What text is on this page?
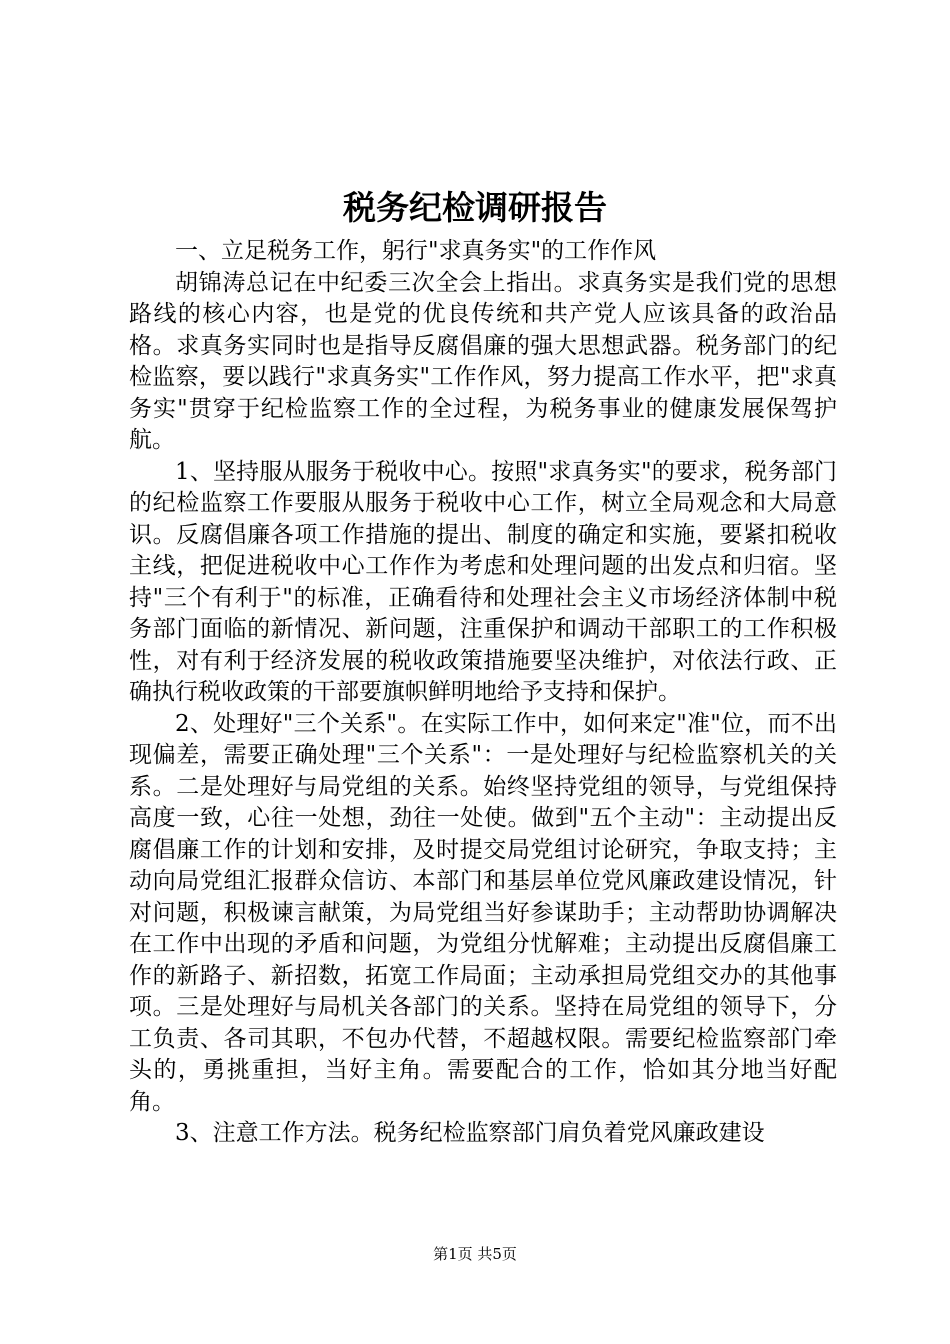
税务纪检调研报告

一、立足税务工作，躬行"求真务实"的工作作风

胡锦涛总记在中纪委三次全会上指出。求真务实是我们党的思想路线的核心内容，也是党的优良传统和共产党人应该具备的政治品格。求真务实同时也是指导反腐倡廉的强大思想武器。税务部门的纪检监察，要以践行"求真务实"工作作风，努力提高工作水平，把"求真务实"贯穿于纪检监察工作的全过程，为税务事业的健康发展保驾护航。

1、坚持服从服务于税收中心。按照"求真务实"的要求，税务部门的纪检监察工作要服从服务于税收中心工作，树立全局观念和大局意识。反腐倡廉各项工作措施的提出、制度的确定和实施，要紧扣税收主线，把促进税收中心工作作为考虑和处理问题的出发点和归宿。坚持"三个有利于"的标准，正确看待和处理社会主义市场经济体制中税务部门面临的新情况、新问题，注重保护和调动干部职工的工作积极性，对有利于经济发展的税收政策措施要坚决维护，对依法行政、正确执行税收政策的干部要旗帜鲜明地给予支持和保护。

2、处理好"三个关系"。在实际工作中，如何来定"准"位，而不出现偏差，需要正确处理"三个关系"：一是处理好与纪检监察机关的关系。二是处理好与局党组的关系。始终坚持党组的领导，与党组保持高度一致，心往一处想，劲往一处使。做到"五个主动"：主动提出反腐倡廉工作的计划和安排，及时提交局党组讨论研究，争取支持；主动向局党组汇报群众信访、本部门和基层单位党风廉政建设情况，针对问题，积极谏言献策，为局党组当好参谋助手；主动帮助协调解决在工作中出现的矛盾和问题，为党组分忧解难；主动提出反腐倡廉工作的新路子、新招数，拓宽工作局面；主动承担局党组交办的其他事项。三是处理好与局机关各部门的关系。坚持在局党组的领导下，分工负责、各司其职，不包办代替，不超越权限。需要纪检监察部门牵头的，勇挑重担，当好主角。需要配合的工作，恰如其分地当好配角。

3、注意工作方法。税务纪检监察部门肩负着党风廉政建设

第1页 共5页
